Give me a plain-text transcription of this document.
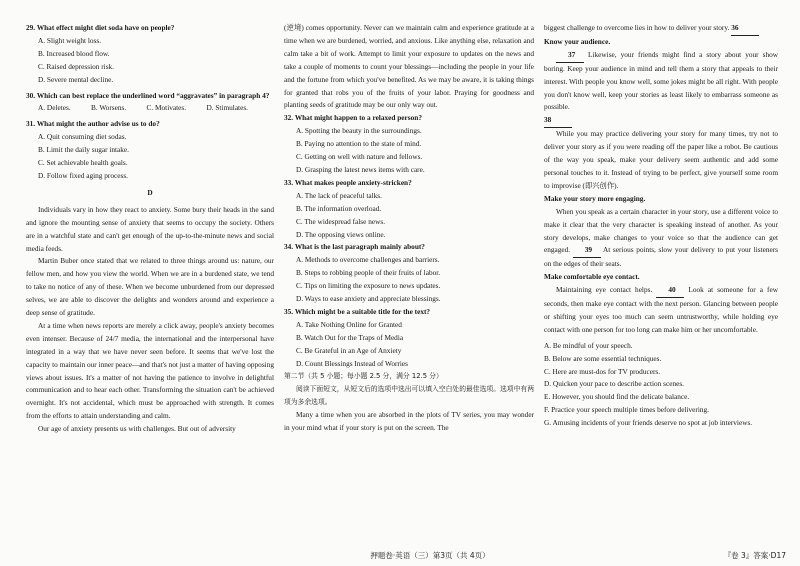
29. What effect might diet soda have on people?

A. Slight weight loss.

B. Increased blood flow.

C. Raised depression risk.

D. Severe mental decline.

30. Which can best replace the underlined word “aggravates” in paragraph 4?

A. Deletes.	B. Worsens.	C. Motivates.	D. Stimulates.

31. What might the author advise us to do?

A. Quit consuming diet sodas.

B. Limit the daily sugar intake.

C. Set achievable health goals.

D. Follow fixed aging process.

D

Individuals vary in how they react to anxiety. Some bury their heads in the sand and ignore the mounting sense of anxiety that seems to occupy the society. Others are in a watchful state and can't get enough of the up-to-the-minute news and social media feeds.

Martin Buber once stated that we related to three things around us: nature, our fellow men, and how you view the world. When we are in a burdened state, we tend to take no notice of any of these. When we become unburdened from our depressed selves, we are able to discover the delights and wonders around and experience a deep sense of gratitude.

At a time when news reports are merely a click away, people's anxiety becomes even intenser. Because of 24/7 media, the international and the interpersonal have integrated in a way that we have never seen before. It seems that we've lost the capacity to maintain our inner peace—and that's not just a matter of having opposing views about issues. It's a matter of not having the patience to involve in delightful communication and to hear each other. Transforming the situation can't be achieved overnight. It's not accidental, which must be approached with strength. It comes from the efforts to attain understanding and calm.

Our age of anxiety presents us with challenges. But out of adversity

(逆境) comes opportunity. Never can we maintain calm and experience gratitude at a time when we are burdened, worried, and anxious. Like anything else, relaxation and calm take a bit of work. Attempt to limit your exposure to updates on the news and take a couple of moments to count your blessings—including the people in your life and the fortune from which you've benefited. As we may be aware, it is taking things for granted that robs you of the fruits of your labor. Praying for goodness and planting seeds of gratitude may be our only way out.

32. What might happen to a relaxed person?

A. Spotting the beauty in the surroundings.

B. Paying no attention to the state of mind.

C. Getting on well with nature and fellows.

D. Grasping the latest news items with care.

33. What makes people anxiety-stricken?

A. The lack of peaceful talks.

B. The information overload.

C. The widespread false news.

D. The opposing views online.

34. What is the last paragraph mainly about?

A. Methods to overcome challenges and barriers.

B. Steps to robbing people of their fruits of labor.

C. Tips on limiting the exposure to news updates.

D. Ways to ease anxiety and appreciate blessings.

35. Which might be a suitable title for the text?

A. Take Nothing Online for Granted

B. Watch Out for the Traps of Media

C. Be Grateful in an Age of Anxiety

D. Count Blessings Instead of Worries

第二节（共 5 小题；每小题 2.5 分，满分 12.5 分）

阅读下面短文，从短文后的选项中选出可以填入空白处的最佳选项。选项中有两项为多余选项。

Many a time when you are absorbed in the plots of TV series, you may wonder in your mind what if your story is put on the screen. The

biggest challenge to overcome lies in how to deliver your story. 36

Know your audience.

37 Likewise, your friends might find a story about your show boring. Keep your audience in mind and tell them a story that appeals to their interest. With people you know well, some jokes might be all right. With people you don't know well, keep your stories as least likely to embarrass someone as possible.

38

While you may practice delivering your story for many times, try not to deliver your story as if you were reading off the paper like a robot. Be cautious of the way you speak, make your delivery seem authentic and add some personal touches to it. Instead of trying to be perfect, give yourself some room to improvise (即兴创作).

Make your story more engaging.

When you speak as a certain character in your story, use a different voice to make it clear that the very character is speaking instead of another. As your story develops, make changes to your voice so that the audience can get engaged. 39 At serious points, slow your delivery to put your listeners on the edges of their seats.

Make comfortable eye contact.

Maintaining eye contact helps. 40 Look at someone for a few seconds, then make eye contact with the next person. Glancing between people or shifting your eyes too much can seem untrustworthy, while holding eye contact with one person for too long can make him or her uncomfortable.

A. Be mindful of your speech.

B. Below are some essential techniques.

C. Here are must-dos for TV producers.

D. Quicken your pace to describe action scenes.

E. However, you should find the delicate balance.

F. Practice your speech multiple times before delivering.

G. Amusing incidents of your friends deserve no spot at job interviews.

押题卷·英语（三）第3页（共 4页）	『卷 3』答案·D17
